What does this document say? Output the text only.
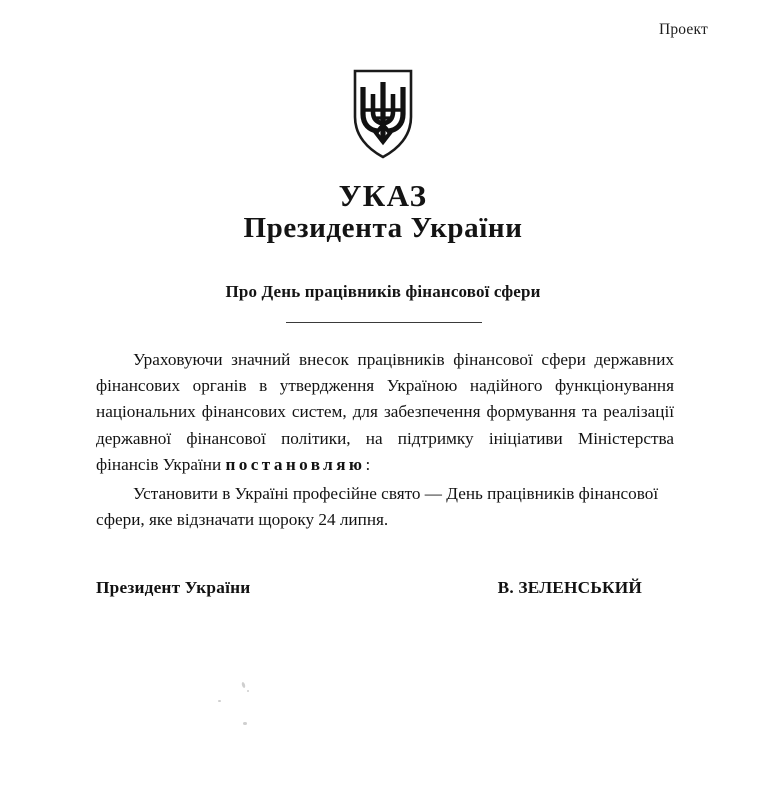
Проект
УКАЗ
Президента України
Про День працівників фінансової сфери

Ураховуючи значний внесок працівників фінансової сфери державних фінансових органів в утвердження Україною надійного функціонування національних фінансових систем, для забезпечення формування та реалізації державної фінансової політики, на підтримку ініціативи Міністерства фінансів України постановляю:

Установити в Україні професійне свято — День працівників фінансової сфери, яке відзначати щороку 24 липня.

Президент України	В. ЗЕЛЕНСЬКИЙ
